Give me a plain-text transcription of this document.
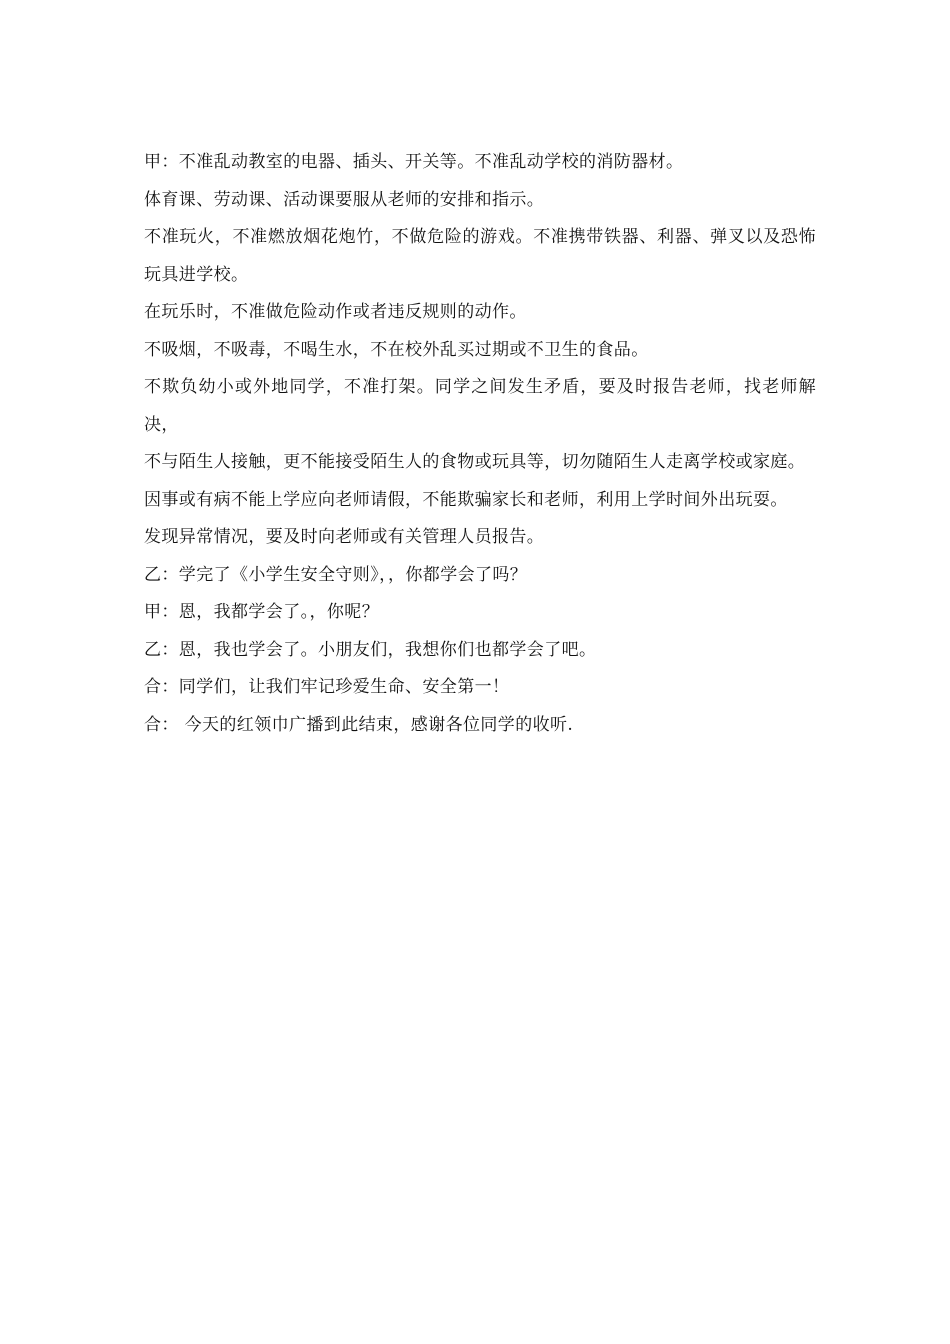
甲：不准乱动教室的电器、插头、开关等。不准乱动学校的消防器材。

体育课、劳动课、活动课要服从老师的安排和指示。

不准玩火，不准燃放烟花炮竹，不做危险的游戏。不准携带铁器、利器、弹叉以及恐怖玩具进学校。

在玩乐时，不准做危险动作或者违反规则的动作。

不吸烟，不吸毒，不喝生水，不在校外乱买过期或不卫生的食品。

不欺负幼小或外地同学，不准打架。同学之间发生矛盾，要及时报告老师，找老师解决，

不与陌生人接触，更不能接受陌生人的食物或玩具等，切勿随陌生人走离学校或家庭。

因事或有病不能上学应向老师请假，不能欺骗家长和老师，利用上学时间外出玩耍。

发现异常情况，要及时向老师或有关管理人员报告。

乙：学完了《小学生安全守则》，，你都学会了吗？

甲：恩，我都学会了。，你呢？

乙：恩，我也学会了。小朋友们，我想你们也都学会了吧。

合：同学们，让我们牢记珍爱生命、安全第一！

合： 今天的红领巾广播到此结束，感谢各位同学的收听.
